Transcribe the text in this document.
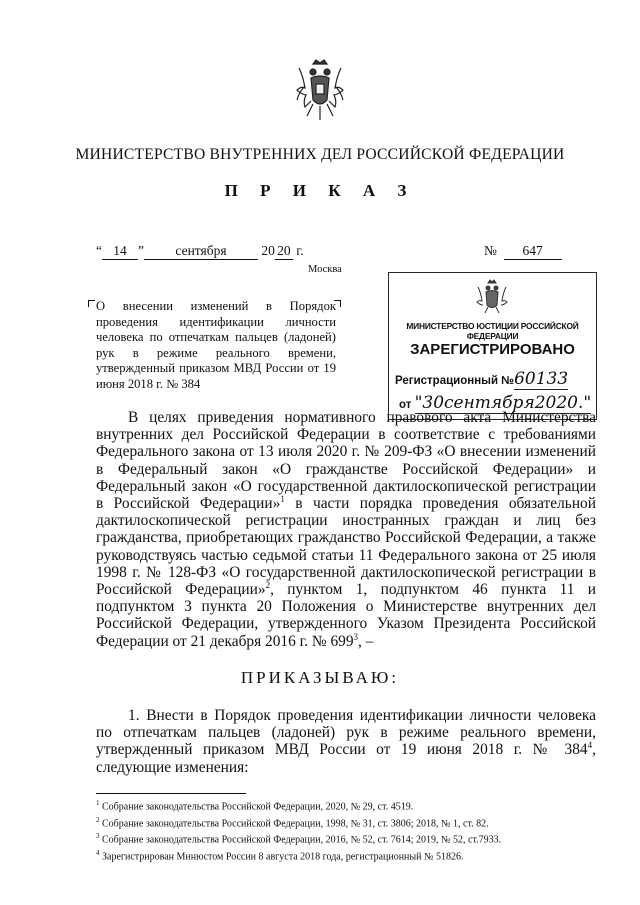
МИНИСТЕРСТВО ВНУТРЕННИХ ДЕЛ РОССИЙСКОЙ ФЕДЕРАЦИИ
П Р И К А З
“ 14 ” сентября	20 20 г.	№ 647
Москва
О внесении изменений в Порядок проведения идентификации личности человека по отпечаткам пальцев (ладоней) рук в режиме реального времени, утвержденный приказом МВД России от 19 июня 2018 г. № 384
МИНИСТЕРСТВО ЮСТИЦИИ РОССИЙСКОЙ ФЕДЕРАЦИИ
ЗАРЕГИСТРИРОВАНО
Регистрационный №60133
от "30сентября2020."

В целях приведения нормативного правового акта Министерства внутренних дел Российской Федерации в соответствие с требованиями Федерального закона от 13 июля 2020 г. № 209-ФЗ «О внесении изменений в Федеральный закон «О гражданстве Российской Федерации» и Федеральный закон «О государственной дактилоскопической регистрации в Российской Федерации»$^1$ в части порядка проведения обязательной дактилоскопической регистрации иностранных граждан и лиц без гражданства, приобретающих гражданство Российской Федерации, а также руководствуясь частью седьмой статьи 11 Федерального закона от 25 июля 1998 г. № 128-ФЗ «О государственной дактилоскопической регистрации в Российской Федерации»$^2$, пунктом 1, подпунктом 46 пункта 11 и подпунктом 3 пункта 20 Положения о Министерстве внутренних дел Российской Федерации, утвержденного Указом Президента Российской Федерации от 21 декабря 2016 г. № $699^3$, –

ПРИКАЗЫВАЮ:

1. Внести в Порядок проведения идентификации личности человека по отпечаткам пальцев (ладоней) рук в режиме реального времени, утвержденный приказом МВД России от 19 июня 2018 г. № $384^4$, следующие изменения:

$^1$ Собрание законодательства Российской Федерации, 2020, № 29, ст. 4519.
$^2$ Собрание законодательства Российской Федерации, 1998, № 31, ст. 3806; 2018, № 1, ст. 82.
$^3$ Собрание законодательства Российской Федерации, 2016, № 52, ст. 7614; 2019, № 52, ст.7933.
$^4$ Зарегистрирован Минюстом России 8 августа 2018 года, регистрационный № 51826.
